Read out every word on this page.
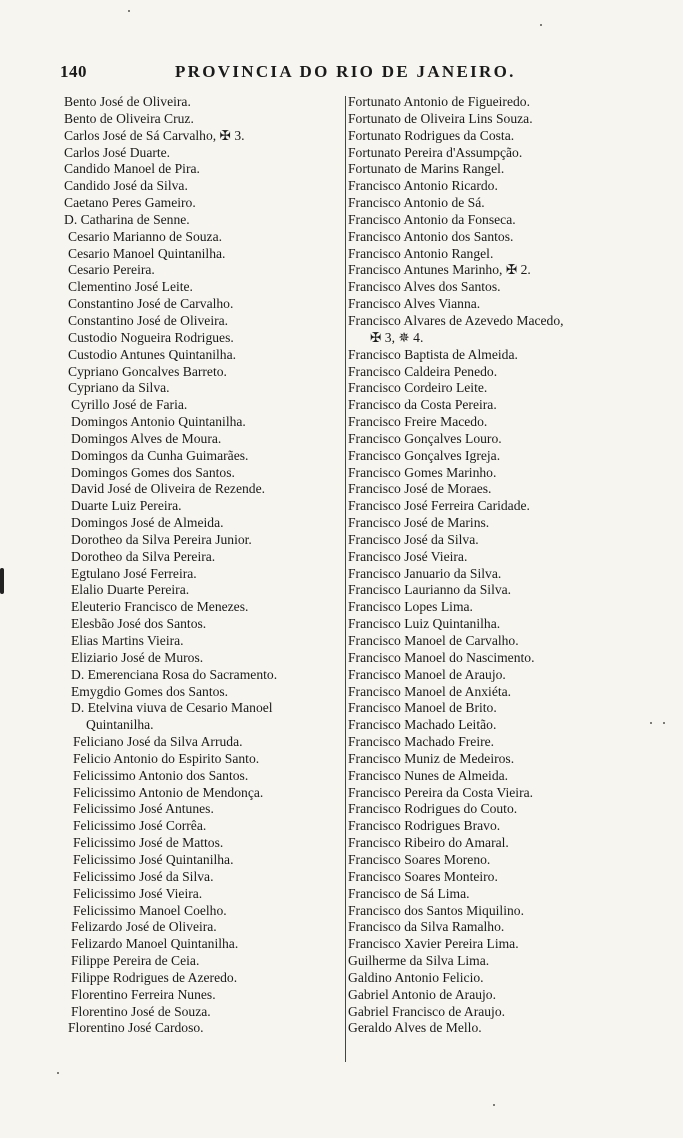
140	PROVINCIA DO RIO DE JANEIRO.
Bento José de Oliveira.
Bento de Oliveira Cruz.
Carlos José de Sá Carvalho, ✠ 3.
Carlos José Duarte.
Candido Manoel de Pira.
Candido José da Silva.
Caetano Peres Gameiro.
D. Catharina de Senne.
Cesario Marianno de Souza.
Cesario Manoel Quintanilha.
Cesario Pereira.
Clementino José Leite.
Constantino José de Carvalho.
Constantino José de Oliveira.
Custodio Nogueira Rodrigues.
Custodio Antunes Quintanilha.
Cypriano Goncalves Barreto.
Cypriano da Silva.
Cyrillo José de Faria.
Domingos Antonio Quintanilha.
Domingos Alves de Moura.
Domingos da Cunha Guimarães.
Domingos Gomes dos Santos.
David José de Oliveira de Rezende.
Duarte Luiz Pereira.
Domingos José de Almeida.
Dorotheo da Silva Pereira Junior.
Dorotheo da Silva Pereira.
Egtulano José Ferreira.
Elalio Duarte Pereira.
Eleuterio Francisco de Menezes.
Elesbão José dos Santos.
Elias Martins Vieira.
Eliziario José de Muros.
D. Emerenciana Rosa do Sacramento.
Emygdio Gomes dos Santos.
D. Etelvina viuva de Cesario Manoel
Quintanilha.
Feliciano José da Silva Arruda.
Felicio Antonio do Espirito Santo.
Felicissimo Antonio dos Santos.
Felicissimo Antonio de Mendonça.
Felicissimo José Antunes.
Felicissimo José Corrêa.
Felicissimo José de Mattos.
Felicissimo José Quintanilha.
Felicissimo José da Silva.
Felicissimo José Vieira.
Felicissimo Manoel Coelho.
Felizardo José de Oliveira.
Felizardo Manoel Quintanilha.
Filippe Pereira de Ceia.
Filippe Rodrigues de Azeredo.
Florentino Ferreira Nunes.
Florentino José de Souza.
Florentino José Cardoso.
Fortunato Antonio de Figueiredo.
Fortunato de Oliveira Lins Souza.
Fortunato Rodrigues da Costa.
Fortunato Pereira d'Assumpção.
Fortunato de Marins Rangel.
Francisco Antonio Ricardo.
Francisco Antonio de Sá.
Francisco Antonio da Fonseca.
Francisco Antonio dos Santos.
Francisco Antonio Rangel.
Francisco Antunes Marinho, ✠ 2.
Francisco Alves dos Santos.
Francisco Alves Vianna.
Francisco Alvares de Azevedo Macedo,
✠ 3, ✵ 4.
Francisco Baptista de Almeida.
Francisco Caldeira Penedo.
Francisco Cordeiro Leite.
Francisco da Costa Pereira.
Francisco Freire Macedo.
Francisco Gonçalves Louro.
Francisco Gonçalves Igreja.
Francisco Gomes Marinho.
Francisco José de Moraes.
Francisco José Ferreira Caridade.
Francisco José de Marins.
Francisco José da Silva.
Francisco José Vieira.
Francisco Januario da Silva.
Francisco Laurianno da Silva.
Francisco Lopes Lima.
Francisco Luiz Quintanilha.
Francisco Manoel de Carvalho.
Francisco Manoel do Nascimento.
Francisco Manoel de Araujo.
Francisco Manoel de Anxiéta.
Francisco Manoel de Brito.
Francisco Machado Leitão.
Francisco Machado Freire.
Francisco Muniz de Medeiros.
Francisco Nunes de Almeida.
Francisco Pereira da Costa Vieira.
Francisco Rodrigues do Couto.
Francisco Rodrigues Bravo.
Francisco Ribeiro do Amaral.
Francisco Soares Moreno.
Francisco Soares Monteiro.
Francisco de Sá Lima.
Francisco dos Santos Miquilino.
Francisco da Silva Ramalho.
Francisco Xavier Pereira Lima.
Guilherme da Silva Lima.
Galdino Antonio Felicio.
Gabriel Antonio de Araujo.
Gabriel Francisco de Araujo.
Geraldo Alves de Mello.
